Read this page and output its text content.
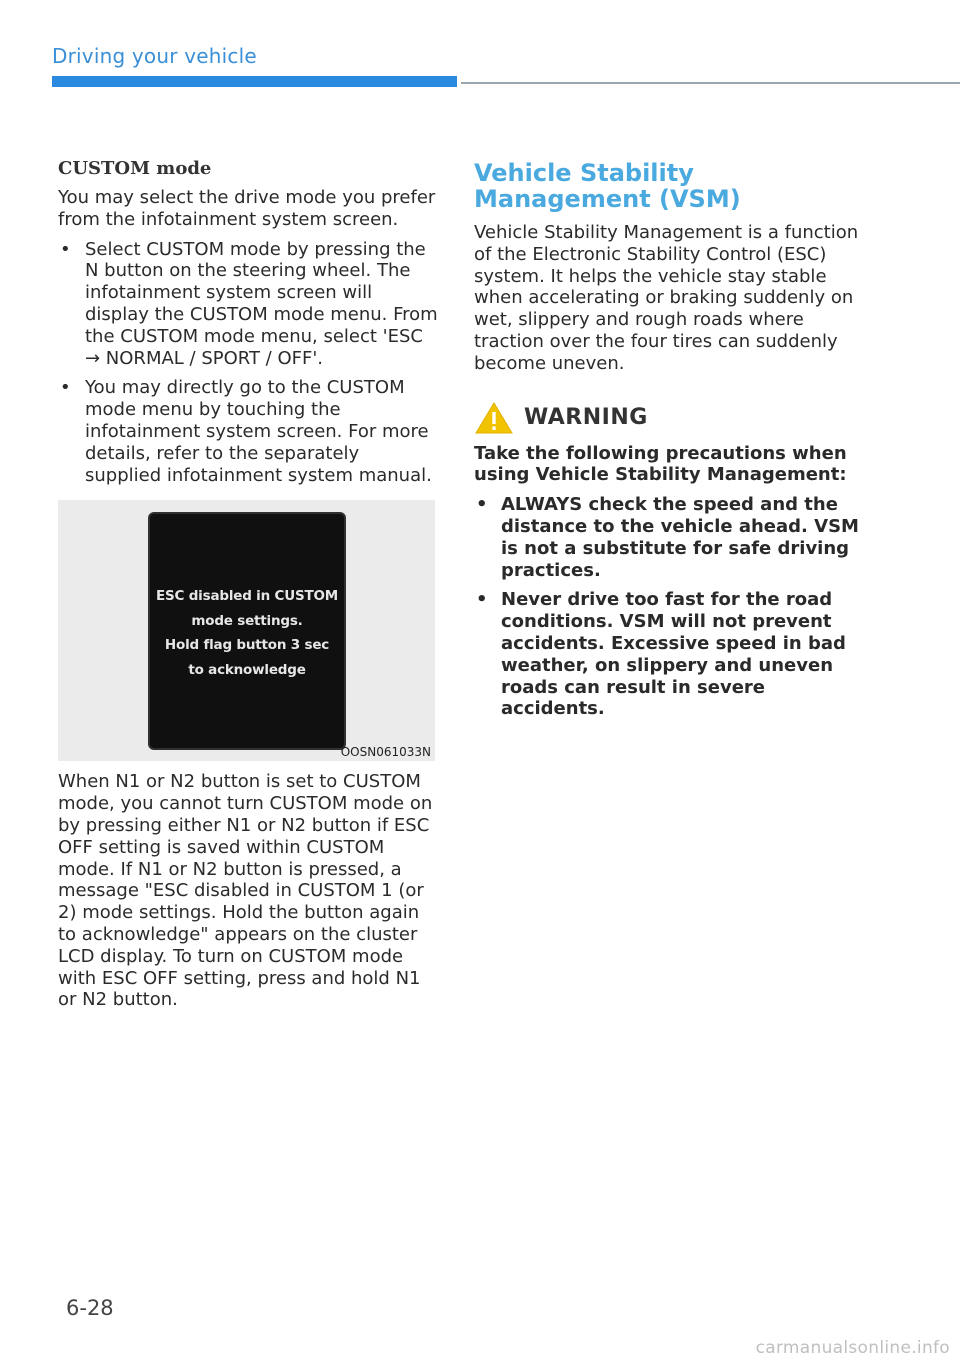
Driving your vehicle
CUSTOM mode

You may select the drive mode you prefer from the infotainment system screen.

• Select CUSTOM mode by pressing the N button on the steering wheel. The infotainment system screen will display the CUSTOM mode menu. From the CUSTOM mode menu, select 'ESC → NORMAL / SPORT / OFF'.
• You may directly go to the CUSTOM mode menu by touching the infotainment system screen. For more details, refer to the separately supplied infotainment system manual.
ESC disabled in CUSTOM
mode settings.
Hold flag button 3 sec
to acknowledge
OOSN061033N

When N1 or N2 button is set to CUSTOM mode, you cannot turn CUSTOM mode on by pressing either N1 or N2 button if ESC OFF setting is saved within CUSTOM mode. If N1 or N2 button is pressed, a message "ESC disabled in CUSTOM 1 (or 2) mode settings. Hold the button again to acknowledge" appears on the cluster LCD display. To turn on CUSTOM mode with ESC OFF setting, press and hold N1 or N2 button.

Vehicle Stability Management (VSM)

Vehicle Stability Management is a function of the Electronic Stability Control (ESC) system. It helps the vehicle stay stable when accelerating or braking suddenly on wet, slippery and rough roads where traction over the four tires can suddenly become uneven.

WARNING

Take the following precautions when using Vehicle Stability Management:

• ALWAYS check the speed and the distance to the vehicle ahead. VSM is not a substitute for safe driving practices.
• Never drive too fast for the road conditions. VSM will not prevent accidents. Excessive speed in bad weather, on slippery and uneven roads can result in severe accidents.
6-28
carmanualsonline.info
